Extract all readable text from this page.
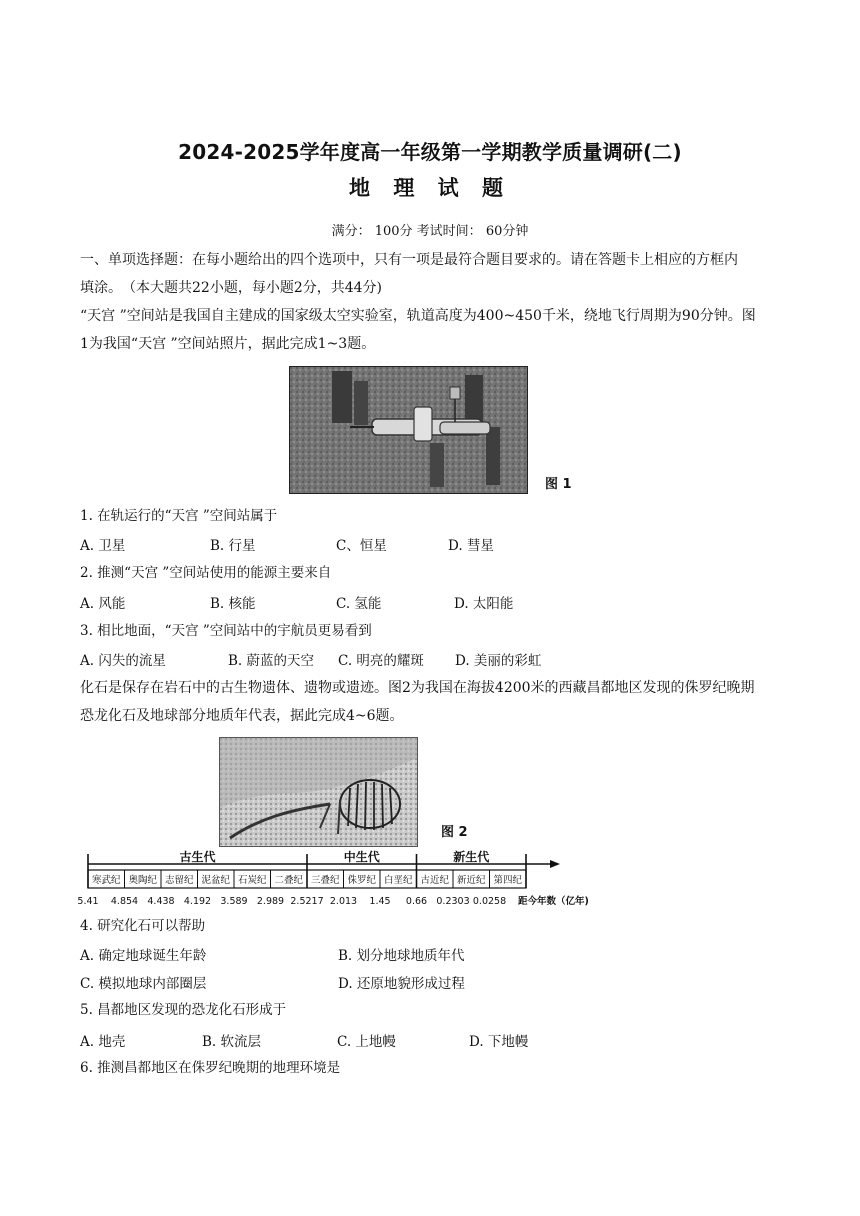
2024-2025学年度高一年级第一学期教学质量调研(二)
地 理 试 题
满分： 100分 考试时间： 60分钟
一、单项选择题：在每小题给出的四个选项中，只有一项是最符合题目要求的。请在答题卡上相应的方框内
填涂。　（本大题共22小题，每小题2分，共44分)
“天宫 ”空间站是我国自主建成的国家级太空实验室，轨道高度为400~450千米，绕地飞行周期为90分钟。图
1为我国“天宫 ”空间站照片，据此完成1~3题。
图 1
1. 在轨运行的“天宫 ”空间站属于
A. 卫星	B. 行星	C、恒星	D. 彗星
2. 推测“天宫 ”空间站使用的能源主要来自
A. 风能	B. 核能	C. 氢能	D. 太阳能
3. 相比地面，“天宫 ”空间站中的宇航员更易看到
A. 闪失的流星	B. 蔚蓝的天空 C. 明亮的耀斑 D. 美丽的彩虹
化石是保存在岩石中的古生物遗体、遗物或遗迹。图2为我国在海拔4200米的西藏昌都地区发现的侏罗纪晚期
恐龙化石及地球部分地质年代表，据此完成4~6题。
图 2
古生代	中生代	新生代
寒武纪 奥陶纪 志留纪 泥盆纪 石炭纪 二叠纪 三叠纪 侏罗纪 白垩纪 古近纪 新近纪 第四纪
5.41 4.854 4.438 4.192 3.589 2.989 2.5217 2.013 1.45 0.66 0.2303 0.0258 距今年数（亿年)
4. 研究化石可以帮助
A. 确定地球诞生年龄	B. 划分地球地质年代
C. 模拟地球内部圈层	D. 还原地貌形成过程
5. 昌都地区发现的恐龙化石形成于
A. 地壳	B. 软流层	C. 上地幔	D. 下地幔
6. 推测昌都地区在侏罗纪晚期的地理环境是
